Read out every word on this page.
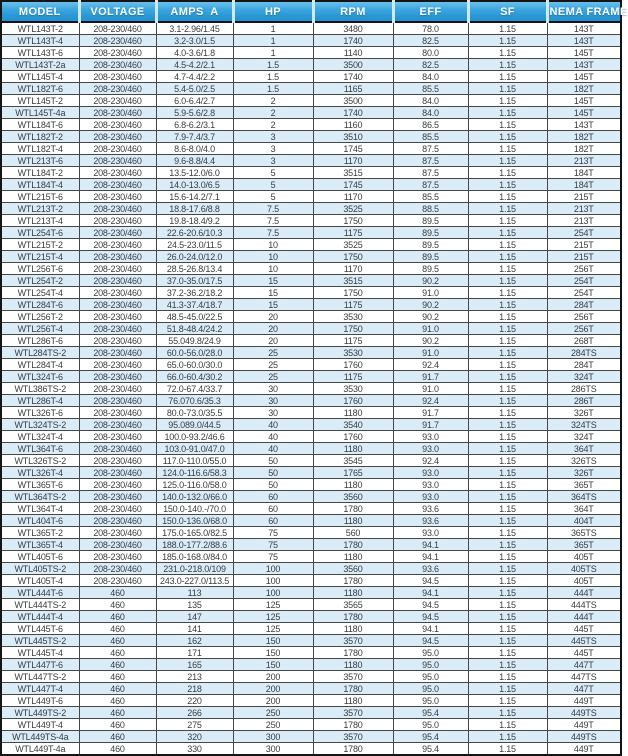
MODEL	VOLTAGE	AMPS  A	HP	RPM	EFF	SF	NEMA FRAME
WTL143T-2	208-230/460	3.1-2.96/1.45	1	3480	78.0	1.15	143T
WTL143T-4	208-230/460	3.2-3.0/1.5	1	1740	82.5	1.15	143T
WTL143T-6	208-230/460	4.0-3.6/1.8	1	1140	80.0	1.15	145T
WTL143T-2a	208-230/460	4.5-4.2/2.1	1.5	3500	82.5	1.15	143T
WTL145T-4	208-230/460	4.7-4.4/2.2	1.5	1740	84.0	1.15	145T
WTL182T-6	208-230/460	5.4-5.0/2.5	1.5	1165	85.5	1.15	182T
WTL145T-2	208-230/460	6.0-6.4/2.7	2	3500	84.0	1.15	145T
WTL145T-4a	208-230/460	5.9-5.6/2.8	2	1740	84.0	1.15	145T
WTL184T-6	208-230/460	6.8-6.2/3.1	2	1160	86.5	1.15	143T
WTL182T-2	208-230/460	7.9-7.4/3.7	3	3510	85.5	1.15	182T
WTL182T-4	208-230/460	8.6-8.0/4.0	3	1745	87.5	1.15	182T
WTL213T-6	208-230/460	9.6-8.8/4.4	3	1170	87.5	1.15	213T
WTL184T-2	208-230/460	13.5-12.0/6.0	5	3515	87.5	1.15	184T
WTL184T-4	208-230/460	14.0-13.0/6.5	5	1745	87.5	1.15	184T
WTL215T-6	208-230/460	15.6-14.2/7.1	5	1170	85.5	1.15	215T
WTL213T-2	208-230/460	18.8-17.6/8.8	7.5	3525	88.5	1.15	213T
WTL213T-4	208-230/460	19.8-18.4/9.2	7.5	1750	89.5	1.15	213T
WTL254T-6	208-230/460	22.6-20.6/10.3	7.5	1175	89.5	1.15	254T
WTL215T-2	208-230/460	24.5-23.0/11.5	10	3525	89.5	1.15	215T
WTL215T-4	208-230/460	26.0-24.0/12.0	10	1750	89.5	1.15	215T
WTL256T-6	208-230/460	28.5-26.8/13.4	10	1170	89.5	1.15	256T
WTL254T-2	208-230/460	37.0-35.0/17.5	15	3515	90.2	1.15	254T
WTL254T-4	208-230/460	37.2-36.2/18.2	15	1750	91.0	1.15	254T
WTL284T-6	208-230/460	41.3-37.4/18.7	15	1175	90.2	1.15	284T
WTL256T-2	208-230/460	48.5-45.0/22.5	20	3530	90.2	1.15	256T
WTL256T-4	208-230/460	51.8-48.4/24.2	20	1750	91.0	1.15	256T
WTL286T-6	208-230/460	55.049.8/24.9	20	1175	90.2	1.15	268T
WTL284TS-2	208-230/460	60.0-56.0/28.0	25	3530	91.0	1.15	284TS
WTL284T-4	208-230/460	65.0-60.0/30.0	25	1760	92.4	1.15	284T
WTL324T-6	208-230/460	66.0-60.4/30.2	25	1175	91.7	1.15	324T
WTL386TS-2	208-230/460	72.0-67.4/33.7	30	3530	91.0	1.15	286TS
WTL286T-4	208-230/460	76.070.6/35.3	30	1760	92.4	1.15	286T
WTL326T-6	208-230/460	80.0-73.0/35.5	30	1180	91.7	1.15	326T
WTL324TS-2	208-230/460	95.089.0/44.5	40	3540	91.7	1.15	324TS
WTL324T-4	208-230/460	100.0-93.2/46.6	40	1760	93.0	1.15	324T
WTL364T-6	208-230/460	103.0-91.0/47.0	40	1180	93.0	1.15	364T
WTL326TS-2	208-230/460	117.0-110.0/55.0	50	3545	92.4	1.15	326TS
WTL326T-4	208-230/460	124.0-116.6/58.3	50	1765	93.0	1.15	326T
WTL365T-6	208-230/460	125.0-116.0/58.0	50	1180	93.0	1.15	365T
WTL364TS-2	208-230/460	140.0-132.0/66.0	60	3560	93.0	1.15	364TS
WTL364T-4	208-230/460	150.0-140.-/70.0	60	1780	93.6	1.15	364T
WTL404T-6	208-230/460	150.0-136.0/68.0	60	1180	93.6	1.15	404T
WTL365T-2	208-230/460	175.0-165.0/82.5	75	560	93.0	1.15	365TS
WTL365T-4	208-230/460	188.0-177.2/88.6	75	1780	94.1	1.15	365T
WTL405T-6	208-230/460	185.0-168.0/84.0	75	1180	94.1	1.15	405T
WTL405TS-2	208-230/460	231.0-218.0/109	100	3560	93.6	1.15	405TS
WTL405T-4	208-230/460	243.0-227.0/113.5	100	1780	94.5	1.15	405T
WTL444T-6	460	113	100	1180	94.1	1.15	444T
WTL444TS-2	460	135	125	3565	94.5	1.15	444TS
WTL444T-4	460	147	125	1780	94.5	1.15	444T
WTL445T-6	460	141	125	1180	94.1	1.15	445T
WTL445TS-2	460	162	150	3570	94.5	1.15	445TS
WTL445T-4	460	171	150	1780	95.0	1.15	445T
WTL447T-6	460	165	150	1180	95.0	1.15	447T
WTL447TS-2	460	213	200	3570	95.0	1.15	447TS
WTL447T-4	460	218	200	1780	95.0	1.15	447T
WTL449T-6	460	220	200	1180	95.0	1.15	449T
WTL449TS-2	460	266	250	3570	95.4	1.15	449TS
WTL449T-4	460	275	250	1780	95.0	1.15	449T
WTL449TS-4a	460	320	300	3570	95.4	1.15	449TS
WTL449T-4a	460	330	300	1780	95.4	1.15	449T
